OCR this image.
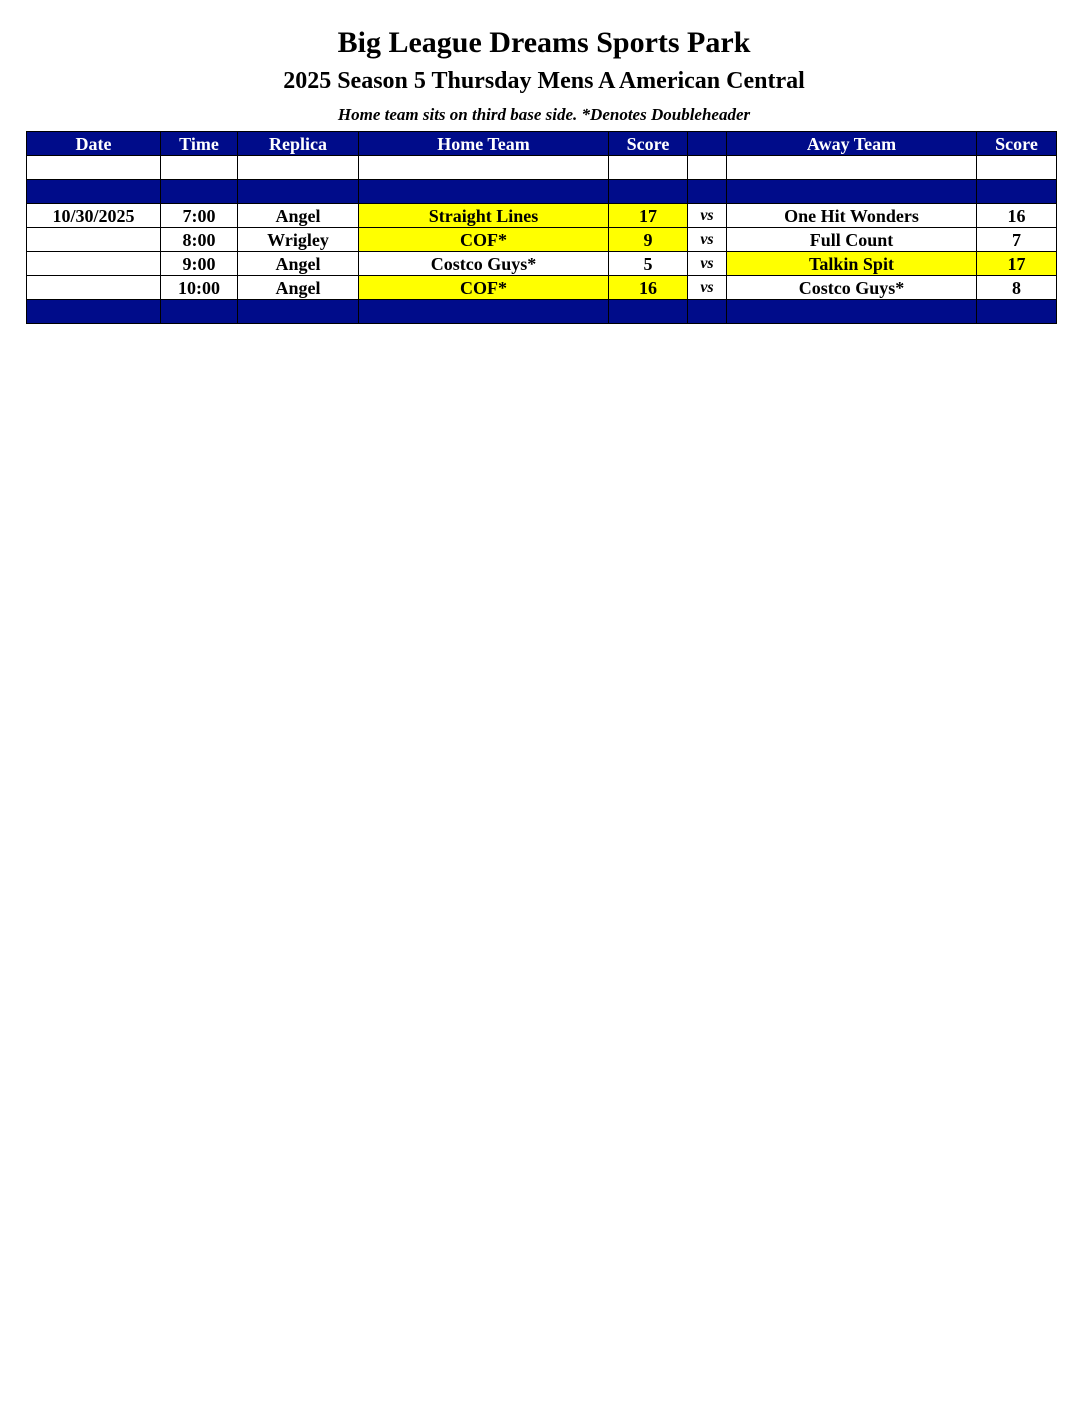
Big League Dreams Sports Park
2025 Season 5 Thursday Mens A American Central
Home team sits on third base side. *Denotes Doubleheader
Date	Time	Replica	Home Team	Score		Away Team	Score

10/30/2025	7:00	Angel	Straight Lines	17	vs	One Hit Wonders	16
	8:00	Wrigley	COF*	9	vs	Full Count	7
	9:00	Angel	Costco Guys*	5	vs	Talkin Spit	17
	10:00	Angel	COF*	16	vs	Costco Guys*	8
